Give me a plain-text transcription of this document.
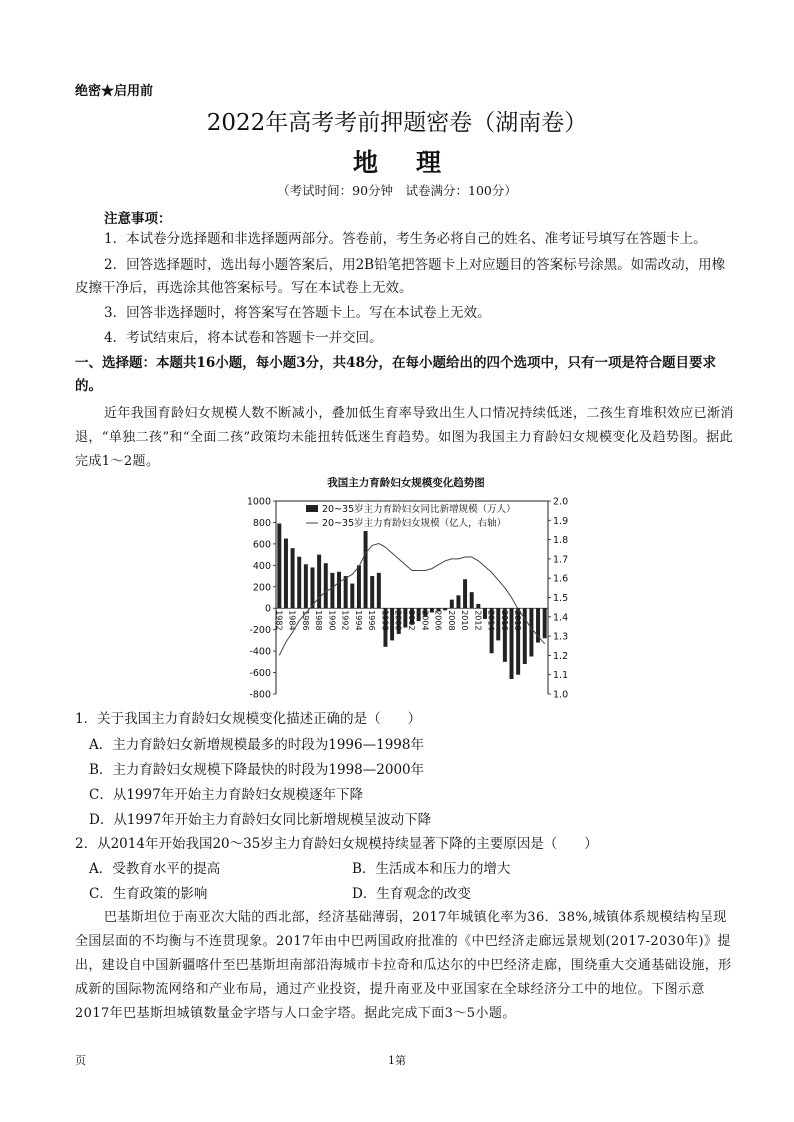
绝密★启用前
2022年高考考前押题密卷（湖南卷）
地理
（考试时间：90分钟　试卷满分：100分）
注意事项：
1．本试卷分选择题和非选择题两部分。答卷前，考生务必将自己的姓名、准考证号填写在答题卡上。
2．回答选择题时，选出每小题答案后，用2B铅笔把答题卡上对应题目的答案标号涂黑。如需改动，用橡皮擦干净后，再选涂其他答案标号。写在本试卷上无效。
3．回答非选择题时，将答案写在答题卡上。写在本试卷上无效。
4．考试结束后，将本试卷和答题卡一并交回。
一、选择题：本题共16小题，每小题3分，共48分，在每小题给出的四个选项中，只有一项是符合题目要求的。
近年我国育龄妇女规模人数不断减小，叠加低生育率导致出生人口情况持续低迷，二孩生育堆积效应已渐消退，“单独二孩”和“全面二孩”政策均未能扭转低迷生育趋势。如图为我国主力育龄妇女规模变化及趋势图。据此完成1～2题。
我国主力育龄妇女规模变化趋势图
1000
800
600
400
200
0
-200
-400
-600
-800
2.0
1.9
1.8
1.7
1.6
1.5
1.4
1.3
1.2
1.1
1.0
1982 1984 1986 1988 1990 1992 1994 1996 1998 2000 2002 2004 2006 2008 2010 2012 2014 2016 2018
20~35岁主力育龄妇女同比新增规模（万人）
20~35岁主力育龄妇女规模（亿人，右轴）
1．关于我国主力育龄妇女规模变化描述正确的是（　　）
A．主力育龄妇女新增规模最多的时段为1996—1998年
B．主力育龄妇女规模下降最快的时段为1998—2000年
C．从1997年开始主力育龄妇女规模逐年下降
D．从1997年开始主力育龄妇女同比新增规模呈波动下降
2．从2014年开始我国20～35岁主力育龄妇女规模持续显著下降的主要原因是（　　）
A．受教育水平的提高	B．生活成本和压力的增大
C．生育政策的影响	D．生育观念的改变
巴基斯坦位于南亚次大陆的西北部，经济基础薄弱，2017年城镇化率为36．38%,城镇体系规模结构呈现全国层面的不均衡与不连贯现象。2017年由中巴两国政府批准的《中巴经济走廊远景规划(2017-2030年)》提出，建设自中国新疆喀什至巴基斯坦南部沿海城市卡拉奇和瓜达尔的中巴经济走廊，围绕重大交通基础设施，形成新的国际物流网络和产业布局，通过产业投资，提升南亚及中亚国家在全球经济分工中的地位。下图示意2017年巴基斯坦城镇数量金字塔与人口金字塔。据此完成下面3～5小题。
页	1第
